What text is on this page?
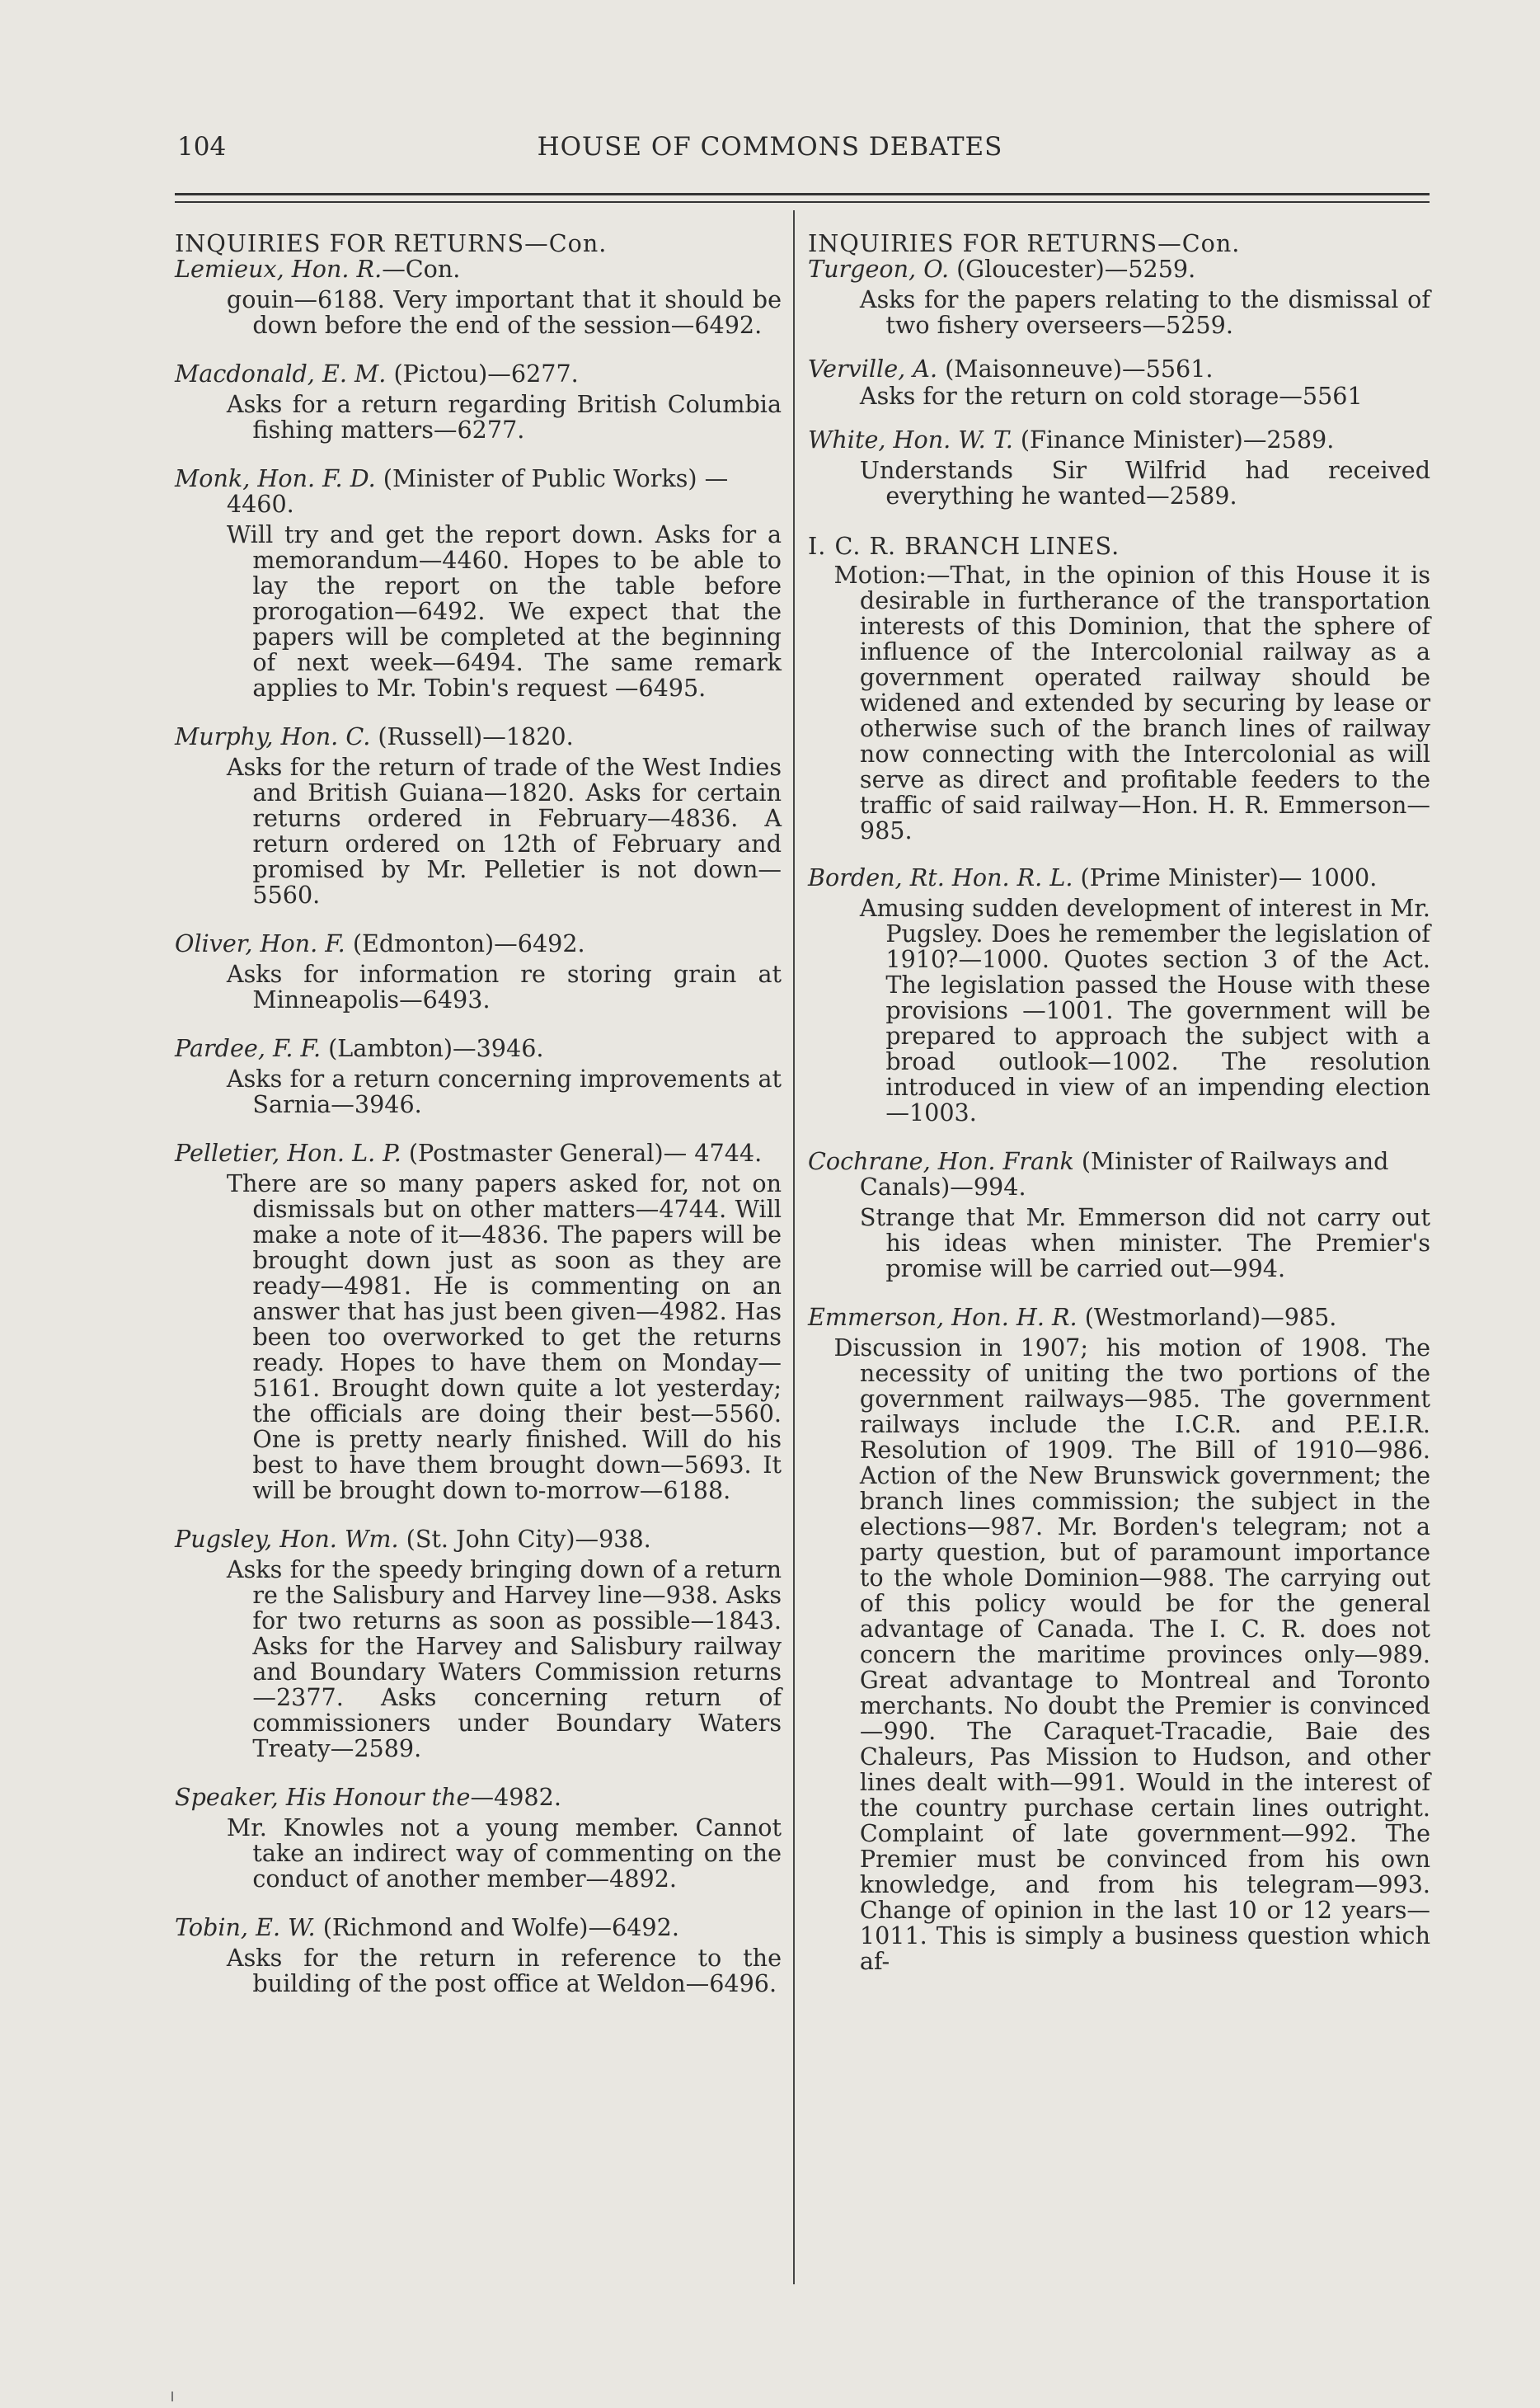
104	HOUSE OF COMMONS DEBATES
INQUIRIES FOR RETURNS—Con.
Lemieux, Hon. R.—Con.
gouin—6188. Very important that it should be down before the end of the session—6492.
Macdonald, E. M. (Pictou)—6277.
Asks for a return regarding British Columbia fishing matters—6277.
Monk, Hon. F. D. (Minister of Public Works) —4460.
Will try and get the report down. Asks for a memorandum—4460. Hopes to be able to lay the report on the table before prorogation—6492. We expect that the papers will be completed at the beginning of next week—6494. The same remark applies to Mr. Tobin's request —6495.
Murphy, Hon. C. (Russell)—1820.
Asks for the return of trade of the West Indies and British Guiana—1820. Asks for certain returns ordered in February—4836. A return ordered on 12th of February and promised by Mr. Pelletier is not down—5560.
Oliver, Hon. F. (Edmonton)—6492.
Asks for information re storing grain at Minneapolis—6493.
Pardee, F. F. (Lambton)—3946.
Asks for a return concerning improvements at Sarnia—3946.
Pelletier, Hon. L. P. (Postmaster General)— 4744.
There are so many papers asked for, not on dismissals but on other matters—4744. Will make a note of it—4836. The papers will be brought down just as soon as they are ready—4981. He is commenting on an answer that has just been given—4982. Has been too overworked to get the returns ready. Hopes to have them on Monday—5161. Brought down quite a lot yesterday; the officials are doing their best—5560. One is pretty nearly finished. Will do his best to have them brought down—5693. It will be brought down to-morrow—6188.
Pugsley, Hon. Wm. (St. John City)—938.
Asks for the speedy bringing down of a return re the Salisbury and Harvey line—938. Asks for two returns as soon as possible—1843. Asks for the Harvey and Salisbury railway and Boundary Waters Commission returns—2377. Asks concerning return of commissioners under Boundary Waters Treaty—2589.
Speaker, His Honour the—4982.
Mr. Knowles not a young member. Cannot take an indirect way of commenting on the conduct of another member—4892.
Tobin, E. W. (Richmond and Wolfe)—6492.
Asks for the return in reference to the building of the post office at Weldon—6496.
INQUIRIES FOR RETURNS—Con.
Turgeon, O. (Gloucester)—5259.
Asks for the papers relating to the dismissal of two fishery overseers—5259.
Verville, A. (Maisonneuve)—5561.
Asks for the return on cold storage—5561
White, Hon. W. T. (Finance Minister)—2589.
Understands Sir Wilfrid had received everything he wanted—2589.
I. C. R. BRANCH LINES.
Motion:—That, in the opinion of this House it is desirable in furtherance of the transportation interests of this Dominion, that the sphere of influence of the Intercolonial railway as a government operated railway should be widened and extended by securing by lease or otherwise such of the branch lines of railway now connecting with the Intercolonial as will serve as direct and profitable feeders to the traffic of said railway—Hon. H. R. Emmerson—985.
Borden, Rt. Hon. R. L. (Prime Minister)— 1000.
Amusing sudden development of interest in Mr. Pugsley. Does he remember the legislation of 1910?—1000. Quotes section 3 of the Act. The legislation passed the House with these provisions —1001. The government will be prepared to approach the subject with a broad outlook—1002. The resolution introduced in view of an impending election—1003.
Cochrane, Hon. Frank (Minister of Railways and Canals)—994.
Strange that Mr. Emmerson did not carry out his ideas when minister. The Premier's promise will be carried out—994.
Emmerson, Hon. H. R. (Westmorland)—985.
Discussion in 1907; his motion of 1908. The necessity of uniting the two portions of the government railways—985. The government railways include the I.C.R. and P.E.I.R. Resolution of 1909. The Bill of 1910—986. Action of the New Brunswick government; the branch lines commission; the subject in the elections—987. Mr. Borden's telegram; not a party question, but of paramount importance to the whole Dominion—988. The carrying out of this policy would be for the general advantage of Canada. The I. C. R. does not concern the maritime provinces only—989. Great advantage to Montreal and Toronto merchants. No doubt the Premier is convinced—990. The Caraquet-Tracadie, Baie des Chaleurs, Pas Mission to Hudson, and other lines dealt with—991. Would in the interest of the country purchase certain lines outright. Complaint of late government—992. The Premier must be convinced from his own knowledge, and from his telegram—993. Change of opinion in the last 10 or 12 years—1011. This is simply a business question which af-
